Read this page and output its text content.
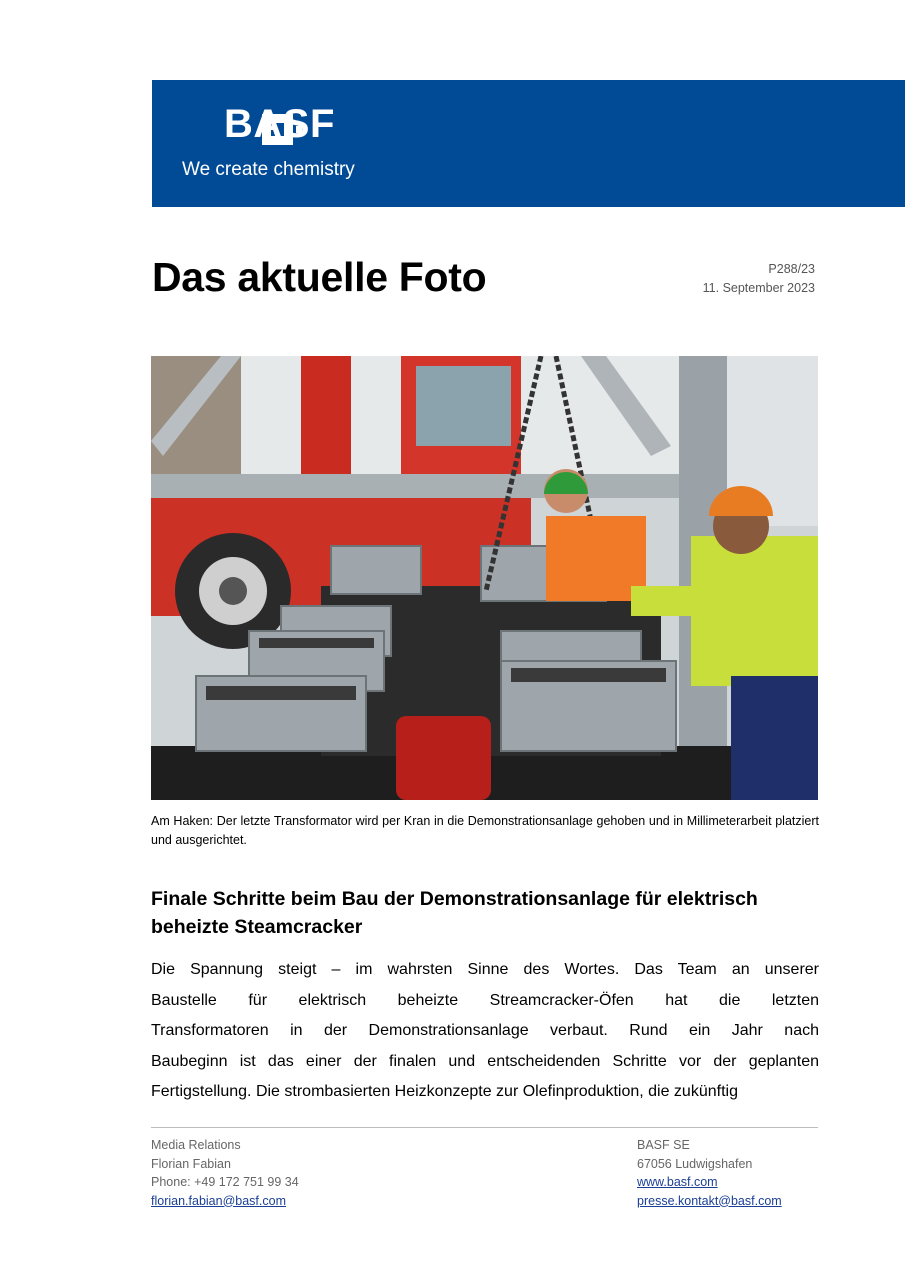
BASF
We create chemistry
Das aktuelle Foto	P288/23
11. September 2023
Am Haken: Der letzte Transformator wird per Kran in die Demonstrationsanlage gehoben und in Millimeterarbeit platziert und ausgerichtet.
Finale Schritte beim Bau der Demonstrationsanlage für elektrisch beheizte Steamcracker
Die Spannung steigt – im wahrsten Sinne des Wortes. Das Team an unserer
Baustelle für elektrisch beheizte Streamcracker-Öfen hat die letzten
Transformatoren in der Demonstrationsanlage verbaut. Rund ein Jahr nach
Baubeginn ist das einer der finalen und entscheidenden Schritte vor der geplanten
Fertigstellung. Die strombasierten Heizkonzepte zur Olefinproduktion, die zukünftig
Media Relations
Florian Fabian
Phone: +49 172 751 99 34
florian.fabian@basf.com
BASF SE
67056 Ludwigshafen
www.basf.com
presse.kontakt@basf.com
